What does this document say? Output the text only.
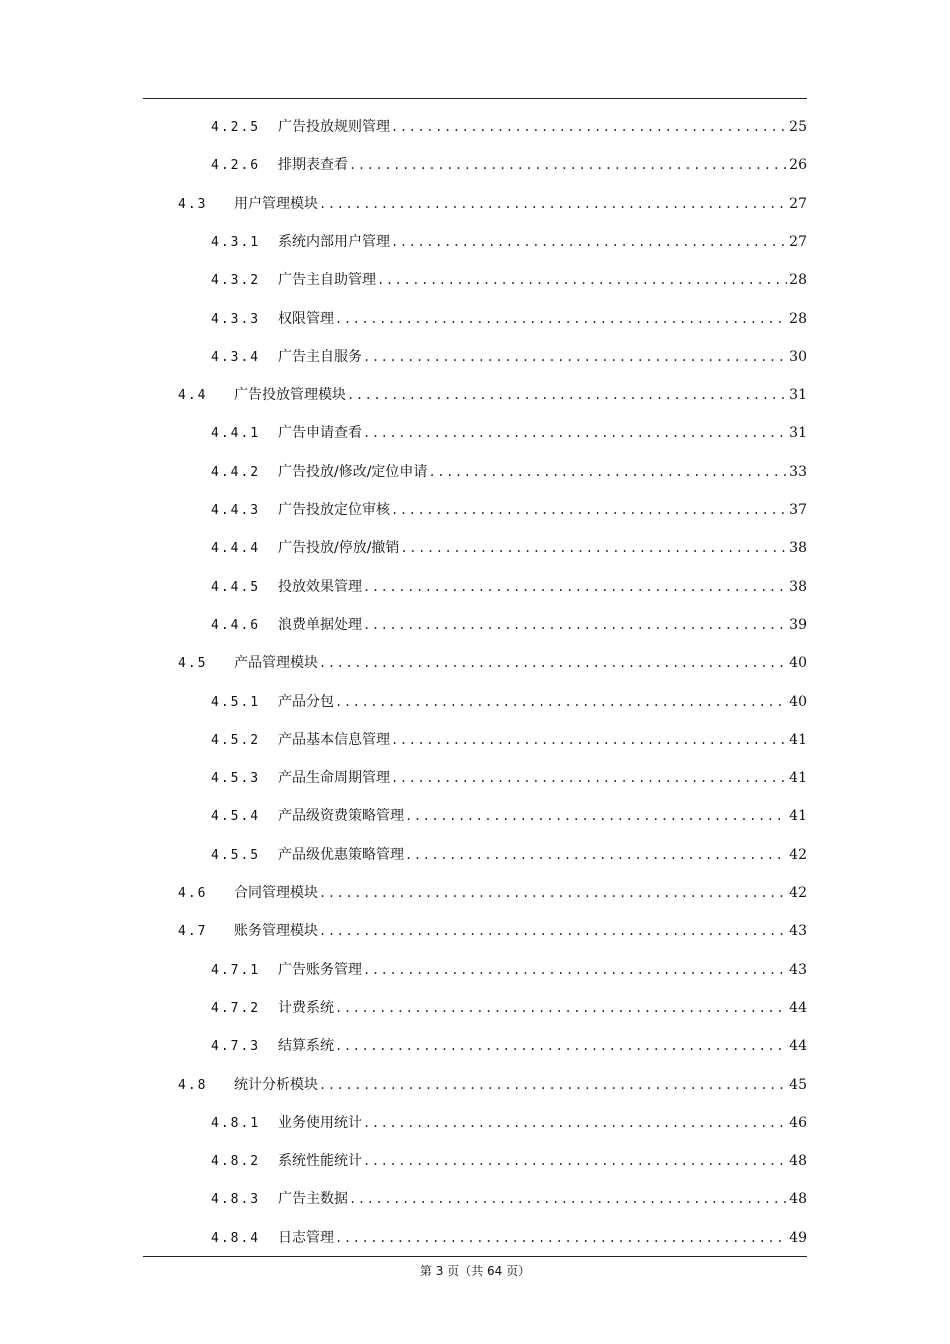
4.2.5	广告投放规则管理 .....	25
4.2.6	排期表查看 .....	26
4.3	用户管理模块 .....	27
4.3.1	系统内部用户管理 .....	27
4.3.2	广告主自助管理 .....	28
4.3.3	权限管理 .....	28
4.3.4	广告主自服务 .....	30
4.4	广告投放管理模块 .....	31
4.4.1	广告申请查看 .....	31
4.4.2	广告投放/修改/定位申请 .....	33
4.4.3	广告投放定位审核 .....	37
4.4.4	广告投放/停放/撤销 .....	38
4.4.5	投放效果管理 .....	38
4.4.6	浪费单据处理 .....	39
4.5	产品管理模块 .....	40
4.5.1	产品分包 .....	40
4.5.2	产品基本信息管理 .....	41
4.5.3	产品生命周期管理 .....	41
4.5.4	产品级资费策略管理 .....	41
4.5.5	产品级优惠策略管理 .....	42
4.6	合同管理模块 .....	42
4.7	账务管理模块 .....	43
4.7.1	广告账务管理 .....	43
4.7.2	计费系统 .....	44
4.7.3	结算系统 .....	44
4.8	统计分析模块 .....	45
4.8.1	业务使用统计 .....	46
4.8.2	系统性能统计 .....	48
4.8.3	广告主数据 .....	48
4.8.4	日志管理 .....	49
第 3 页（共 64 页）
